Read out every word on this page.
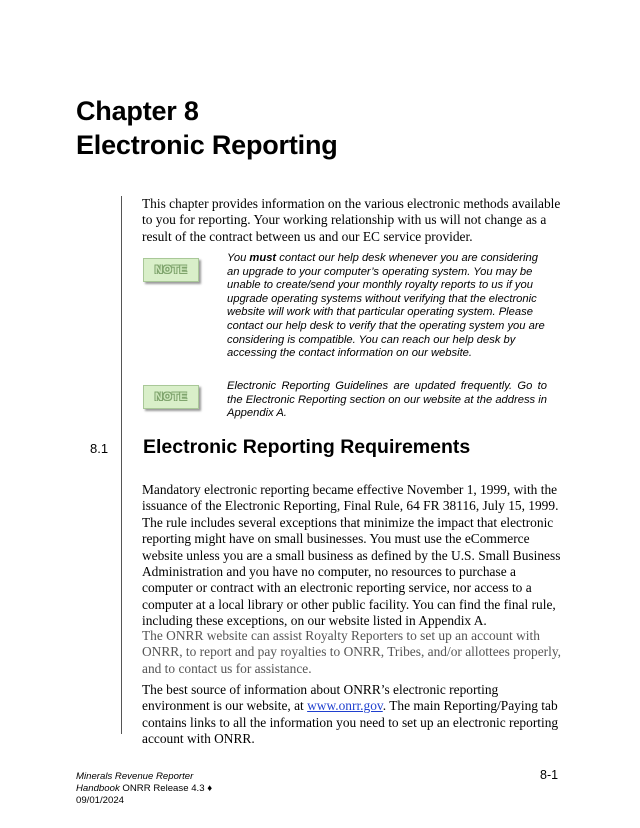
Chapter 8
Electronic Reporting

This chapter provides information on the various electronic methods available to you for reporting. Your working relationship with us will not change as a result of the contract between us and our EC service provider.

NOTE

You must contact our help desk whenever you are considering an upgrade to your computer’s operating system. You may be unable to create/send your monthly royalty reports to us if you upgrade operating systems without verifying that the electronic website will work with that particular operating system. Please contact our help desk to verify that the operating system you are considering is compatible. You can reach our help desk by accessing the contact information on our website.

NOTE

Electronic Reporting Guidelines are updated frequently. Go to the Electronic Reporting section on our website at the address in Appendix A.

8.1 Electronic Reporting Requirements

Mandatory electronic reporting became effective November 1, 1999, with the issuance of the Electronic Reporting, Final Rule, 64 FR 38116, July 15, 1999. The rule includes several exceptions that minimize the impact that electronic reporting might have on small businesses. You must use the eCommerce website unless you are a small business as defined by the U.S. Small Business Administration and you have no computer, no resources to purchase a computer or contract with an electronic reporting service, nor access to a computer at a local library or other public facility. You can find the final rule, including these exceptions, on our website listed in Appendix A.

The ONRR website can assist Royalty Reporters to set up an account with ONRR, to report and pay royalties to ONRR, Tribes, and/or allottees properly, and to contact us for assistance.

The best source of information about ONRR’s electronic reporting environment is our website, at www.onrr.gov. The main Reporting/Paying tab contains links to all the information you need to set up an electronic reporting account with ONRR.

Minerals Revenue Reporter
Handbook ONRR Release 4.3 ♦
09/01/2024
8-1
